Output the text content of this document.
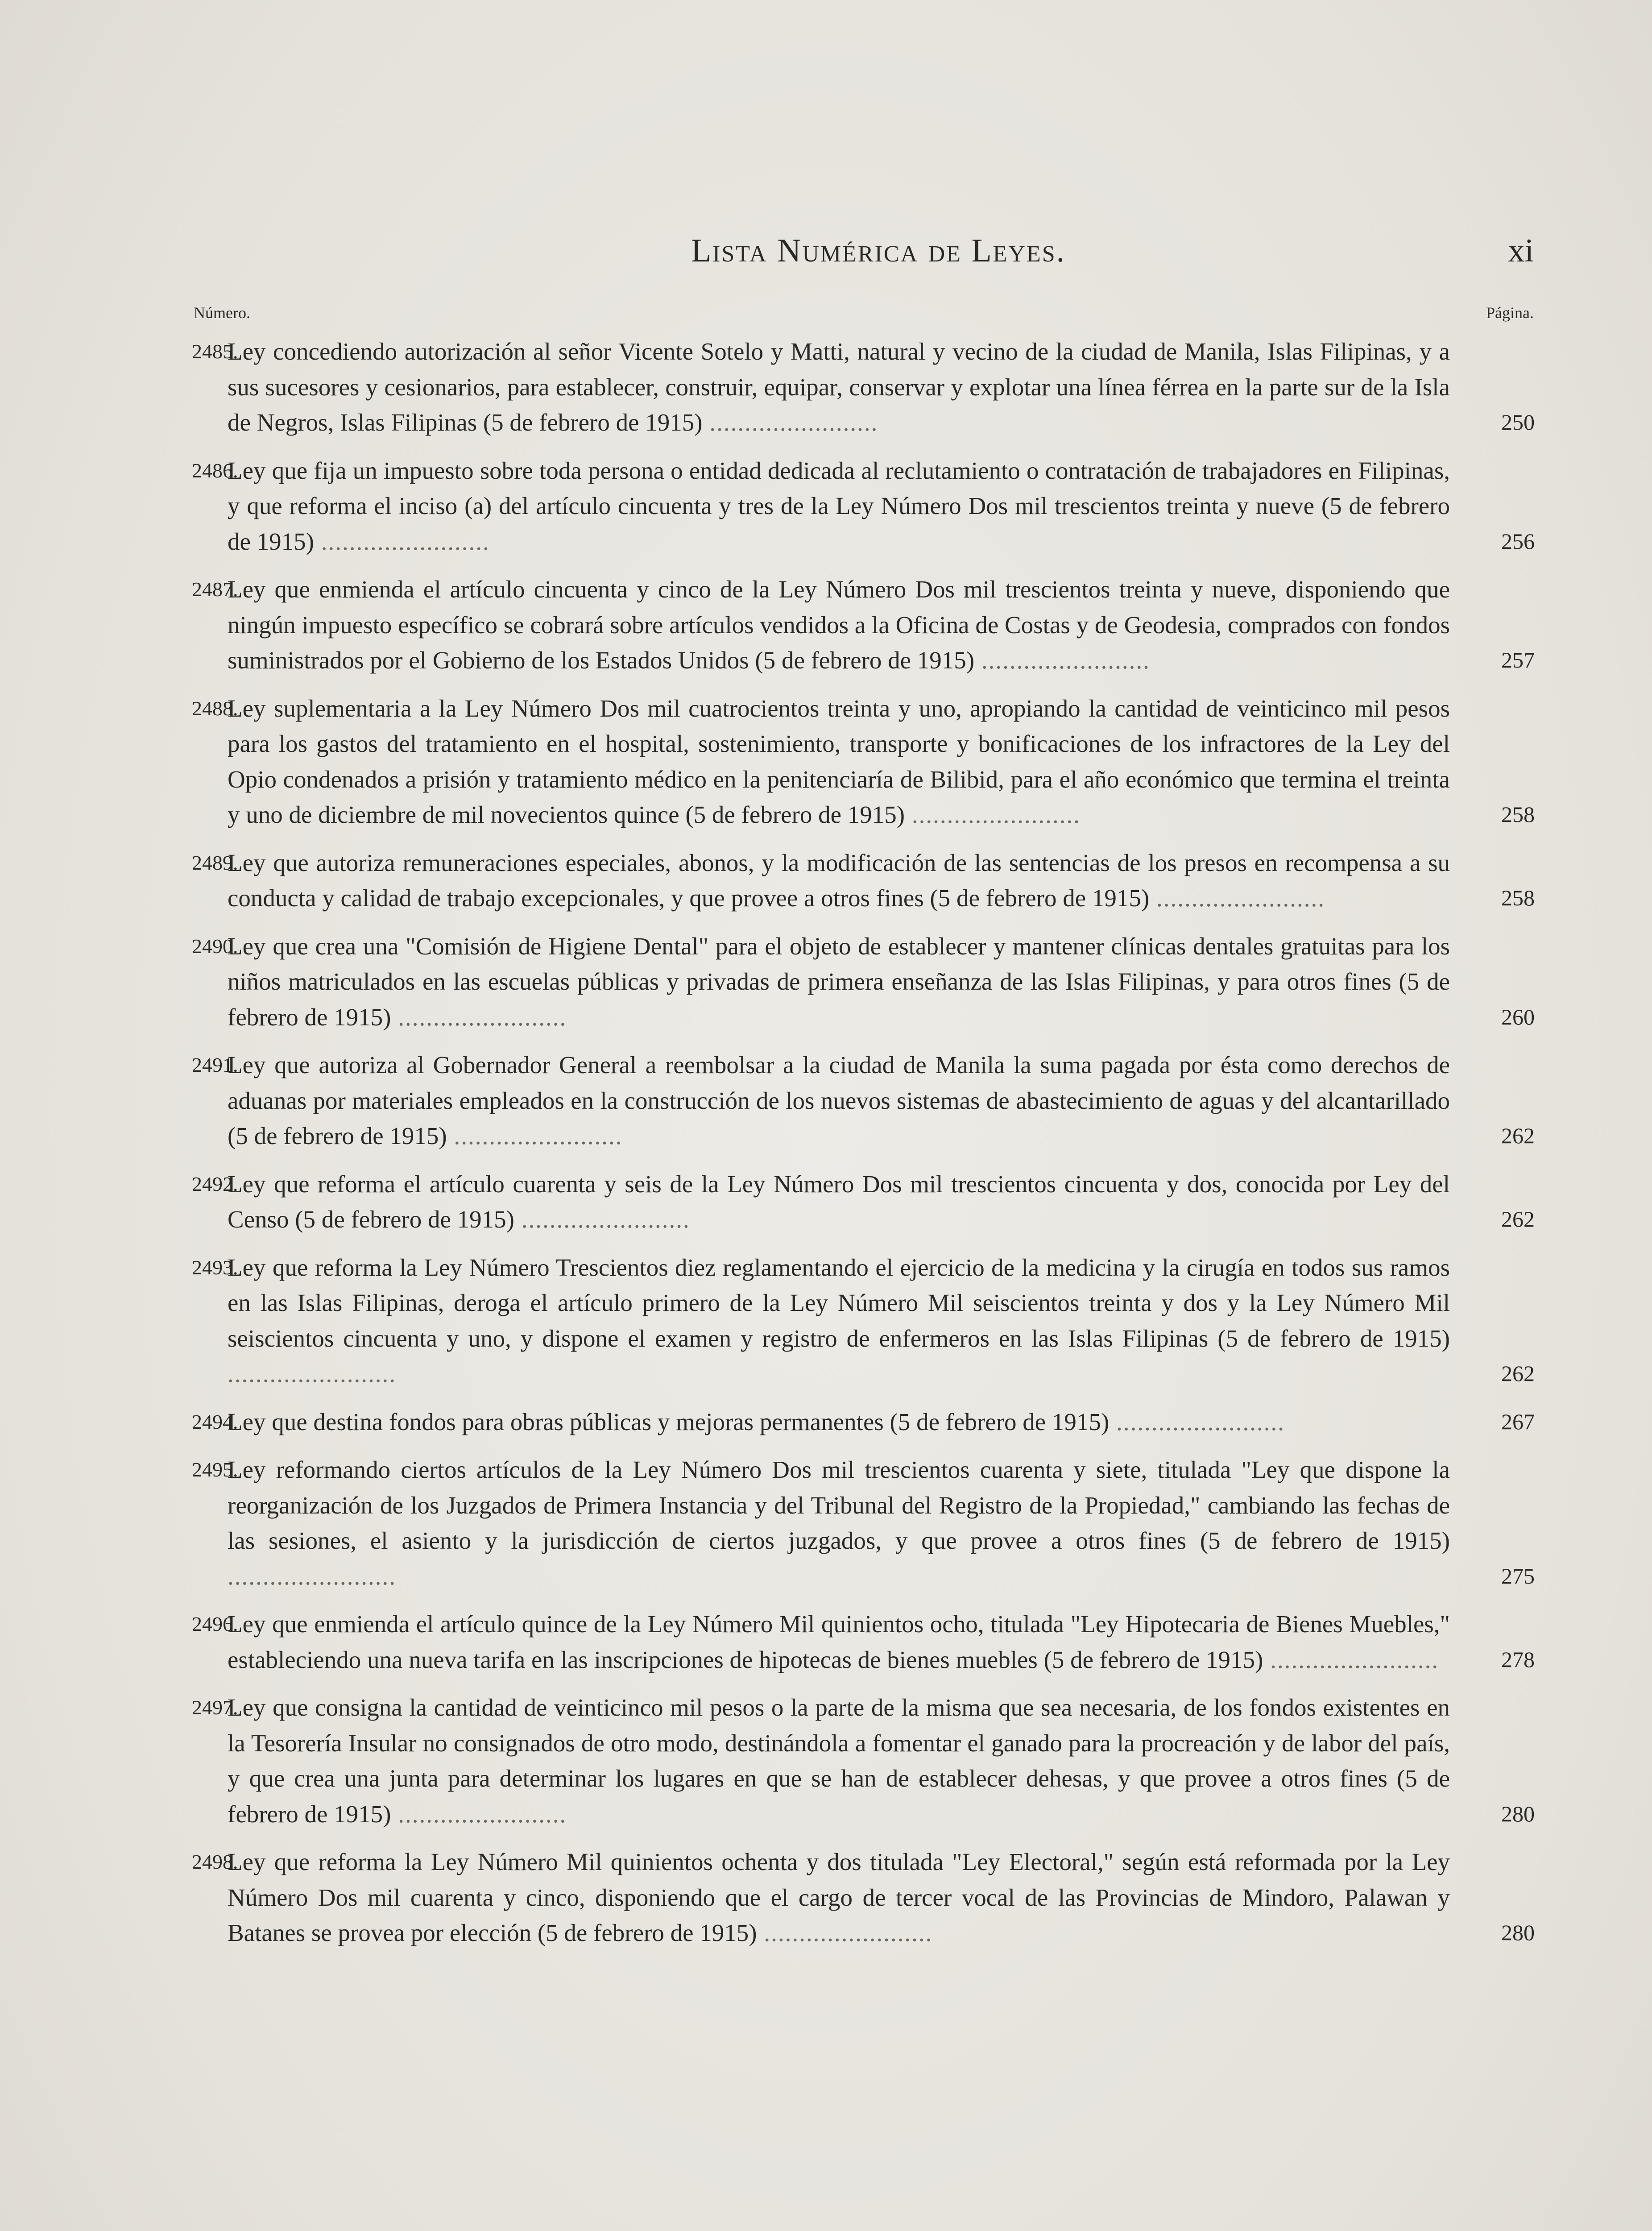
Lista Numérica de Leyes.	xi
Número.	Página.
2485.
Ley concediendo autorización al señor Vicente Sotelo y Matti, natural y vecino de la ciudad de Manila, Islas Filipinas, y a sus sucesores y cesionarios, para establecer, construir, equipar, conservar y explotar una línea férrea en la parte sur de la Isla de Negros, Islas Filipinas (5 de febrero de 1915) ........................	250
2486.
Ley que fija un impuesto sobre toda persona o entidad dedicada al reclutamiento o contratación de trabajadores en Filipinas, y que reforma el inciso (a) del artículo cincuenta y tres de la Ley Número Dos mil trescientos treinta y nueve (5 de febrero de 1915) ........................	256
2487.
Ley que enmienda el artículo cincuenta y cinco de la Ley Número Dos mil trescientos treinta y nueve, disponiendo que ningún impuesto específico se cobrará sobre artículos vendidos a la Oficina de Costas y de Geodesia, comprados con fondos suministrados por el Gobierno de los Estados Unidos (5 de febrero de 1915) ........................	257
2488.
Ley suplementaria a la Ley Número Dos mil cuatrocientos treinta y uno, apropiando la cantidad de veinticinco mil pesos para los gastos del tratamiento en el hospital, sostenimiento, transporte y bonificaciones de los infractores de la Ley del Opio condenados a prisión y tratamiento médico en la penitenciaría de Bilibid, para el año económico que termina el treinta y uno de diciembre de mil novecientos quince (5 de febrero de 1915) ........................	258
2489.
Ley que autoriza remuneraciones especiales, abonos, y la modificación de las sentencias de los presos en recompensa a su conducta y calidad de trabajo excepcionales, y que provee a otros fines (5 de febrero de 1915) ........................	258
2490.
Ley que crea una "Comisión de Higiene Dental" para el objeto de establecer y mantener clínicas dentales gratuitas para los niños matriculados en las escuelas públicas y privadas de primera enseñanza de las Islas Filipinas, y para otros fines (5 de febrero de 1915) ........................	260
2491.
Ley que autoriza al Gobernador General a reembolsar a la ciudad de Manila la suma pagada por ésta como derechos de aduanas por materiales empleados en la construcción de los nuevos sistemas de abastecimiento de aguas y del alcantarillado (5 de febrero de 1915) ........................	262
2492.
Ley que reforma el artículo cuarenta y seis de la Ley Número Dos mil trescientos cincuenta y dos, conocida por Ley del Censo (5 de febrero de 1915) ........................	262
2493.
Ley que reforma la Ley Número Trescientos diez reglamentando el ejercicio de la medicina y la cirugía en todos sus ramos en las Islas Filipinas, deroga el artículo primero de la Ley Número Mil seiscientos treinta y dos y la Ley Número Mil seiscientos cincuenta y uno, y dispone el examen y registro de enfermeros en las Islas Filipinas (5 de febrero de 1915) ........................	262
2494.
Ley que destina fondos para obras públicas y mejoras permanentes (5 de febrero de 1915) ........................	267
2495.
Ley reformando ciertos artículos de la Ley Número Dos mil trescientos cuarenta y siete, titulada "Ley que dispone la reorganización de los Juzgados de Primera Instancia y del Tribunal del Registro de la Propiedad," cambiando las fechas de las sesiones, el asiento y la jurisdicción de ciertos juzgados, y que provee a otros fines (5 de febrero de 1915) ........................	275
2496.
Ley que enmienda el artículo quince de la Ley Número Mil quinientos ocho, titulada "Ley Hipotecaria de Bienes Muebles," estableciendo una nueva tarifa en las inscripciones de hipotecas de bienes muebles (5 de febrero de 1915) ........................	278
2497.
Ley que consigna la cantidad de veinticinco mil pesos o la parte de la misma que sea necesaria, de los fondos existentes en la Tesorería Insular no consignados de otro modo, destinándola a fomentar el ganado para la procreación y de labor del país, y que crea una junta para determinar los lugares en que se han de establecer dehesas, y que provee a otros fines (5 de febrero de 1915) ........................	280
2498.
Ley que reforma la Ley Número Mil quinientos ochenta y dos titulada "Ley Electoral," según está reformada por la Ley Número Dos mil cuarenta y cinco, disponiendo que el cargo de tercer vocal de las Provincias de Mindoro, Palawan y Batanes se provea por elección (5 de febrero de 1915) ........................	280
